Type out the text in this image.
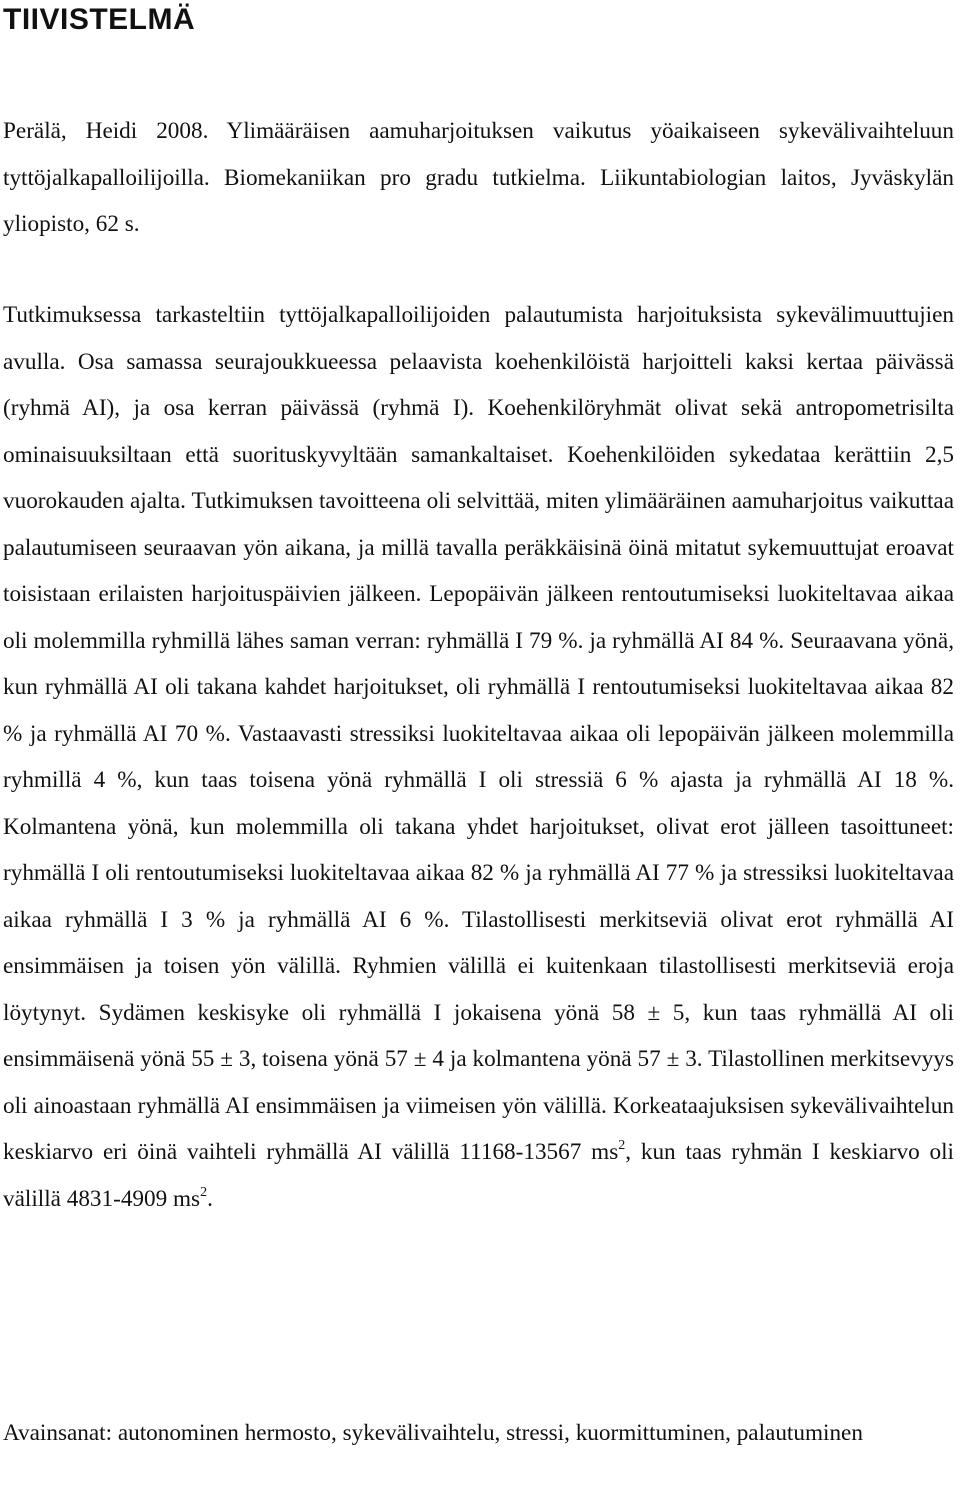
TIIVISTELMÄ

Perälä, Heidi 2008. Ylimääräisen aamuharjoituksen vaikutus yöaikaiseen sykevälivaihteluun tyttöjalkapalloilijoilla. Biomekaniikan pro gradu tutkielma. Liikuntabiologian laitos, Jyväskylän yliopisto, 62 s.

Tutkimuksessa tarkasteltiin tyttöjalkapalloilijoiden palautumista harjoituksista sykevälimuuttujien avulla. Osa samassa seurajoukkueessa pelaavista koehenkilöistä harjoitteli kaksi kertaa päivässä (ryhmä AI), ja osa kerran päivässä (ryhmä I). Koehenkilöryhmät olivat sekä antropometrisilta ominaisuuksiltaan että suorituskyvyltään samankaltaiset. Koehenkilöiden sykedataa kerättiin 2,5 vuorokauden ajalta. Tutkimuksen tavoitteena oli selvittää, miten ylimääräinen aamuharjoitus vaikuttaa palautumiseen seuraavan yön aikana, ja millä tavalla peräkkäisinä öinä mitatut sykemuuttujat eroavat toisistaan erilaisten harjoituspäivien jälkeen. Lepopäivän jälkeen rentoutumiseksi luokiteltavaa aikaa oli molemmilla ryhmillä lähes saman verran: ryhmällä I 79 %. ja ryhmällä AI 84 %. Seuraavana yönä, kun ryhmällä AI oli takana kahdet harjoitukset, oli ryhmällä I rentoutumiseksi luokiteltavaa aikaa 82 % ja ryhmällä AI 70 %. Vastaavasti stressiksi luokiteltavaa aikaa oli lepopäivän jälkeen molemmilla ryhmillä 4 %, kun taas toisena yönä ryhmällä I oli stressiä 6 % ajasta ja ryhmällä AI 18 %. Kolmantena yönä, kun molemmilla oli takana yhdet harjoitukset, olivat erot jälleen tasoittuneet: ryhmällä I oli rentoutumiseksi luokiteltavaa aikaa 82 % ja ryhmällä AI 77 % ja stressiksi luokiteltavaa aikaa ryhmällä I 3 % ja ryhmällä AI 6 %. Tilastollisesti merkitseviä olivat erot ryhmällä AI ensimmäisen ja toisen yön välillä. Ryhmien välillä ei kuitenkaan tilastollisesti merkitseviä eroja löytynyt. Sydämen keskisyke oli ryhmällä I jokaisena yönä 58 ± 5, kun taas ryhmällä AI oli ensimmäisenä yönä 55 ± 3, toisena yönä 57 ± 4 ja kolmantena yönä 57 ± 3. Tilastollinen merkitsevyys oli ainoastaan ryhmällä AI ensimmäisen ja viimeisen yön välillä. Korkeataajuksisen sykevälivaihtelun keskiarvo eri öinä vaihteli ryhmällä AI välillä 11168-13567 $ms^2$, kun taas ryhmän I keskiarvo oli välillä 4831-4909 $ms^2$.

Avainsanat: autonominen hermosto, sykevälivaihtelu, stressi, kuormittuminen, palautuminen
